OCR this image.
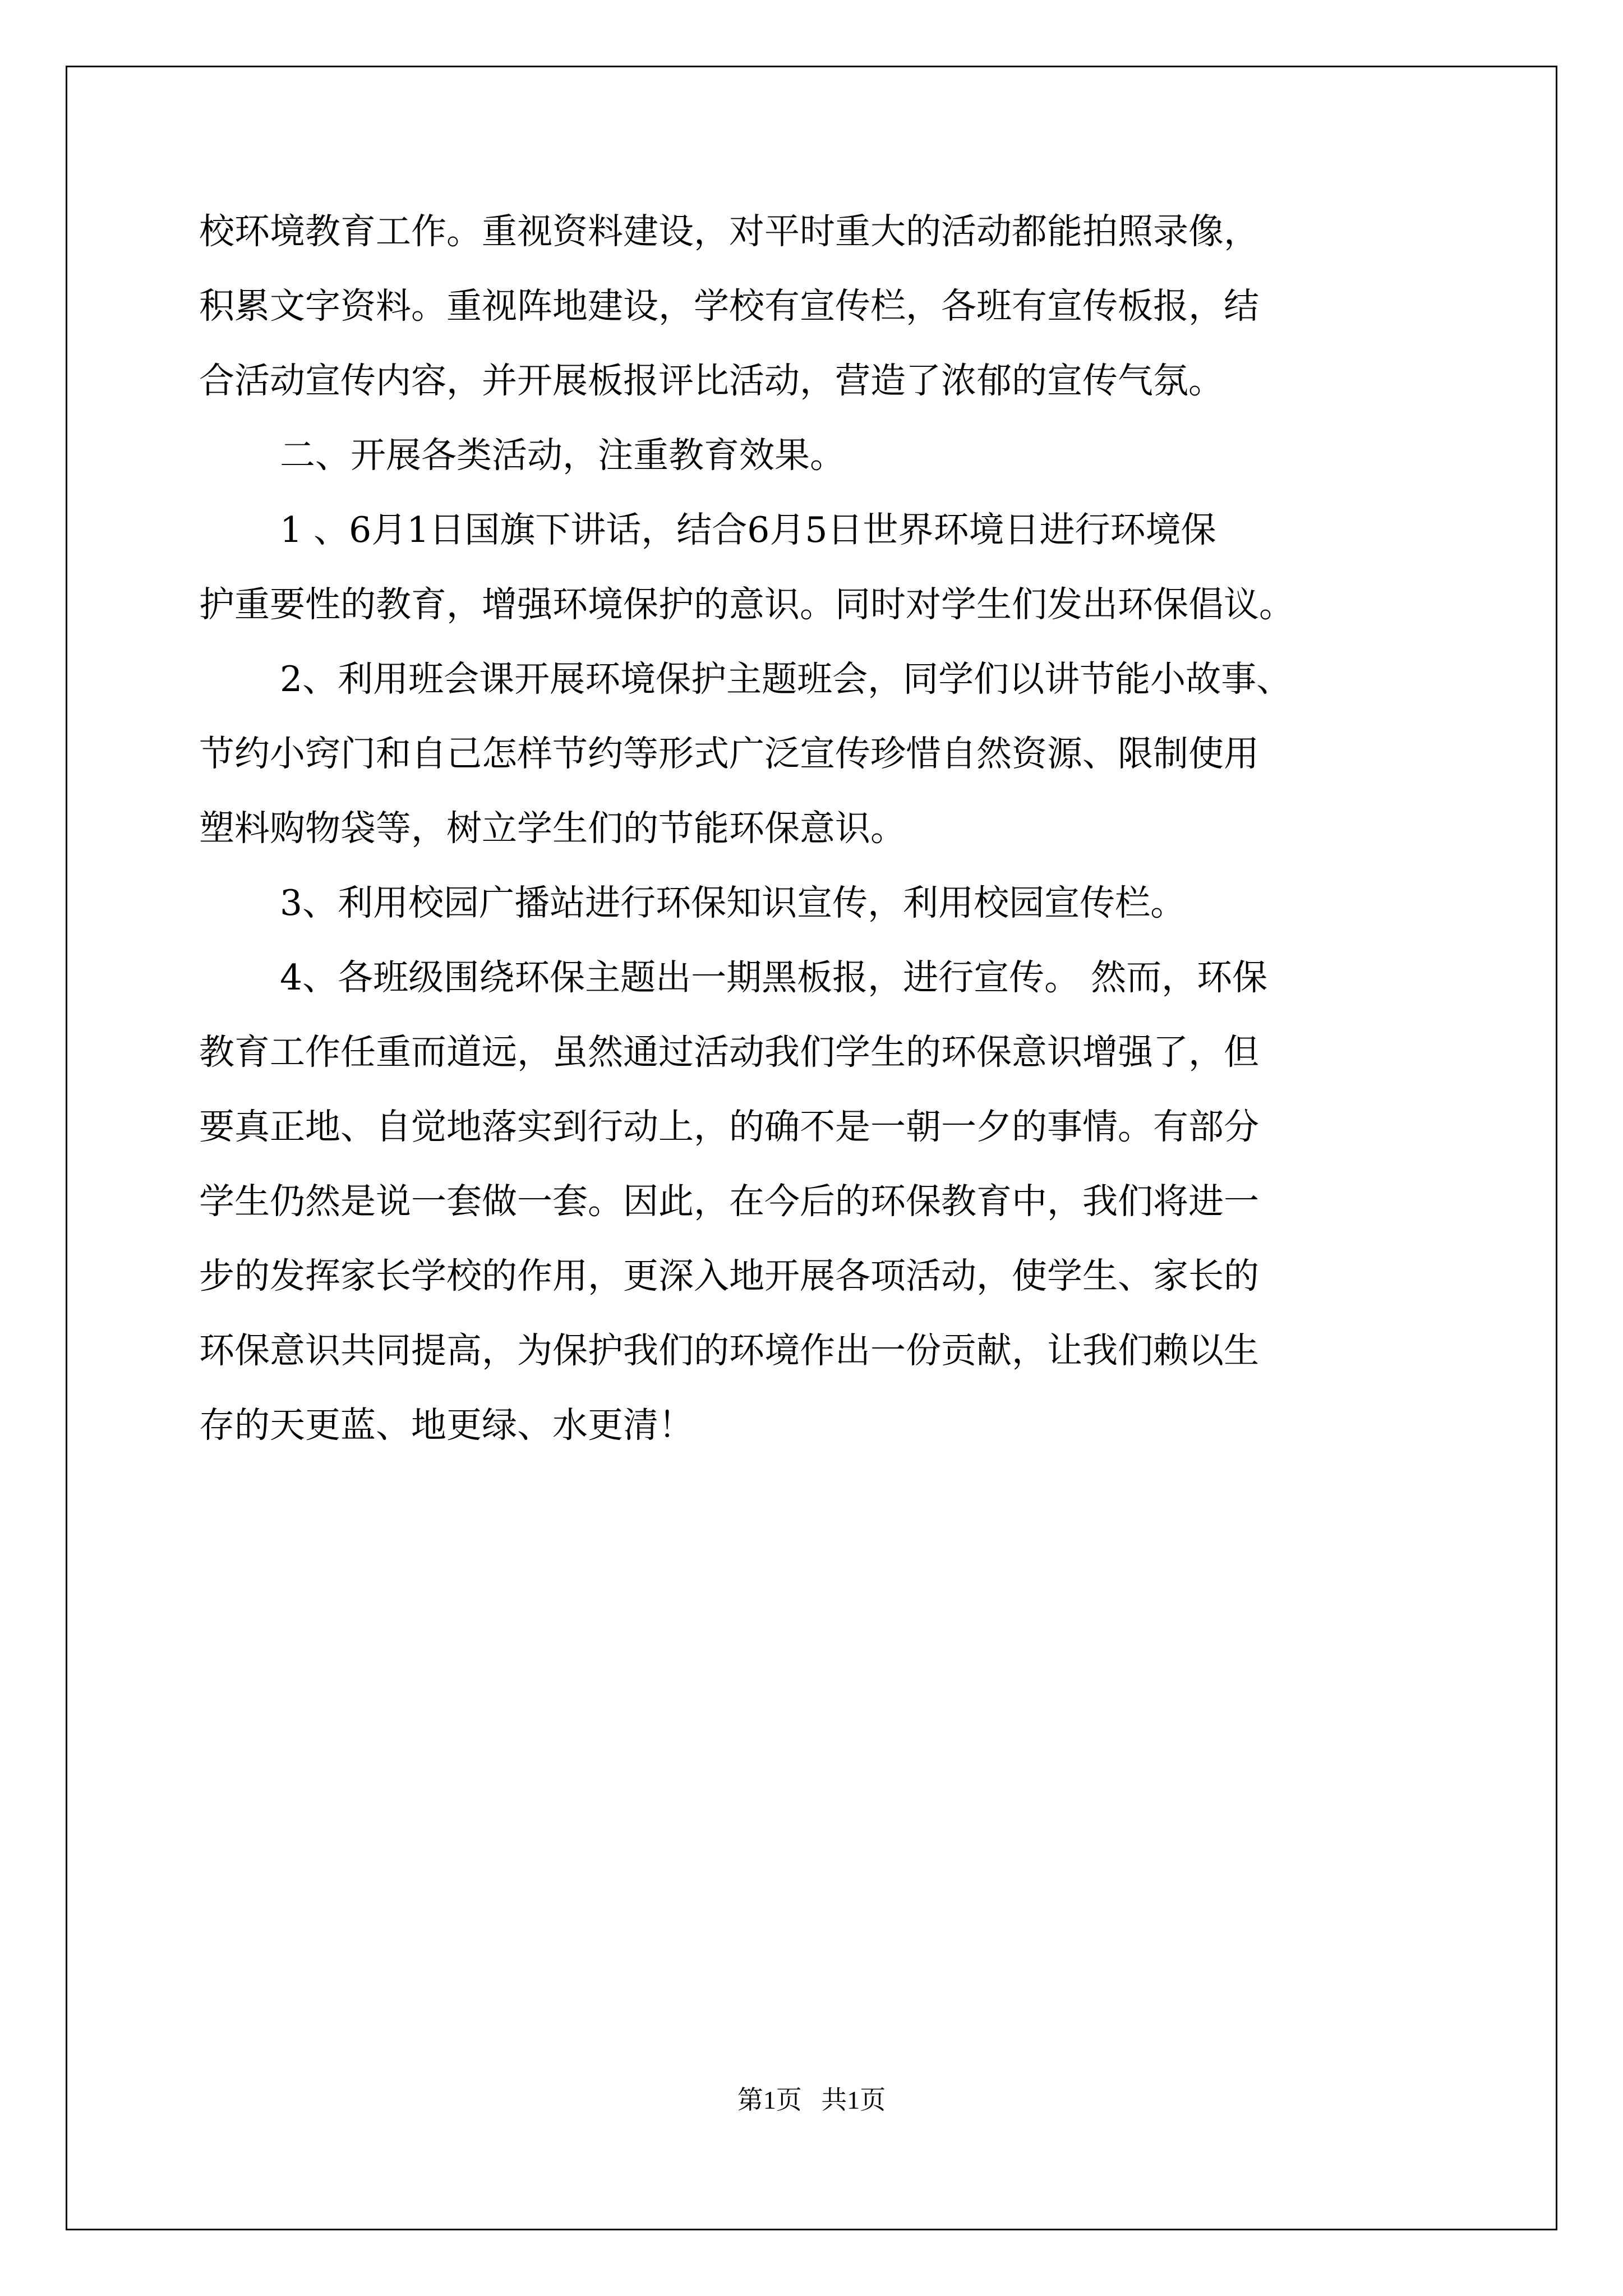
校环境教育工作。重视资料建设，对平时重大的活动都能拍照录像，
积累文字资料。重视阵地建设，学校有宣传栏，各班有宣传板报，结
合活动宣传内容，并开展板报评比活动，营造了浓郁的宣传气氛。
二、开展各类活动，注重教育效果。
1 、6月1日国旗下讲话，结合6月5日世界环境日进行环境保
护重要性的教育，增强环境保护的意识。同时对学生们发出环保倡议。
2、利用班会课开展环境保护主题班会，同学们以讲节能小故事、
节约小窍门和自己怎样节约等形式广泛宣传珍惜自然资源、限制使用
塑料购物袋等，树立学生们的节能环保意识。
3、利用校园广播站进行环保知识宣传，利用校园宣传栏。
4、各班级围绕环保主题出一期黑板报，进行宣传。 然而，环保
教育工作任重而道远，虽然通过活动我们学生的环保意识增强了，但
要真正地、自觉地落实到行动上，的确不是一朝一夕的事情。有部分
学生仍然是说一套做一套。因此，在今后的环保教育中，我们将进一
步的发挥家长学校的作用，更深入地开展各项活动，使学生、家长的
环保意识共同提高，为保护我们的环境作出一份贡献，让我们赖以生
存的天更蓝、地更绿、水更清！
第1页   共1页
